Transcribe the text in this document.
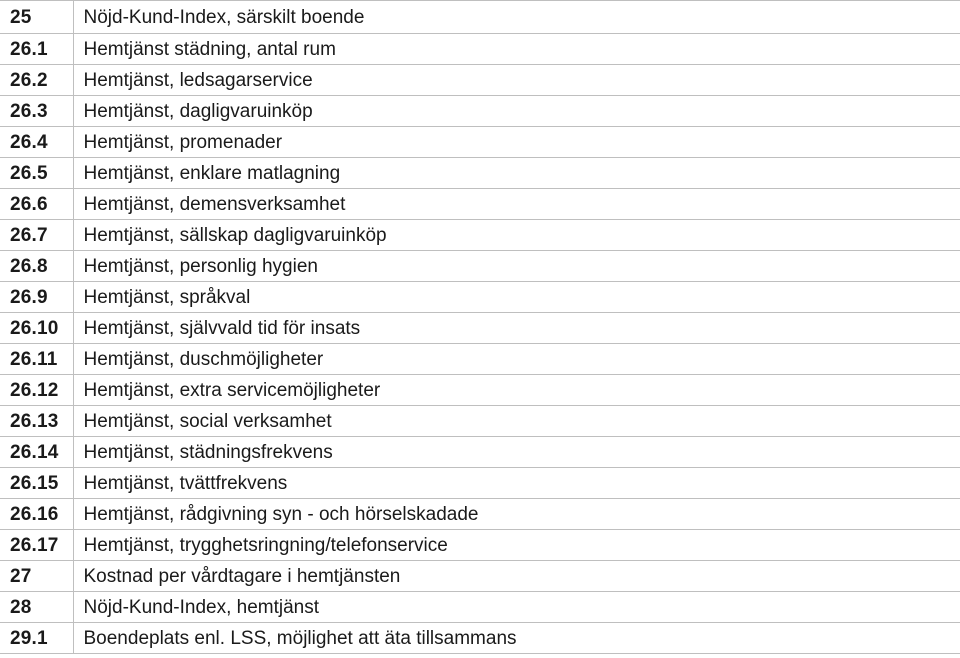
25	Nöjd-Kund-Index, särskilt boende
26.1	Hemtjänst städning, antal rum
26.2	Hemtjänst, ledsagarservice
26.3	Hemtjänst, dagligvaruinköp
26.4	Hemtjänst, promenader
26.5	Hemtjänst, enklare matlagning
26.6	Hemtjänst, demensverksamhet
26.7	Hemtjänst, sällskap dagligvaruinköp
26.8	Hemtjänst, personlig hygien
26.9	Hemtjänst, språkval
26.10	Hemtjänst, självvald tid för insats
26.11	Hemtjänst, duschmöjligheter
26.12	Hemtjänst, extra servicemöjligheter
26.13	Hemtjänst, social verksamhet
26.14	Hemtjänst, städningsfrekvens
26.15	Hemtjänst, tvättfrekvens
26.16	Hemtjänst, rådgivning syn - och hörselskadade
26.17	Hemtjänst, trygghetsringning/telefonservice
27	Kostnad per vårdtagare i hemtjänsten
28	Nöjd-Kund-Index, hemtjänst
29.1	Boendeplats enl. LSS, möjlighet att äta tillsammans
